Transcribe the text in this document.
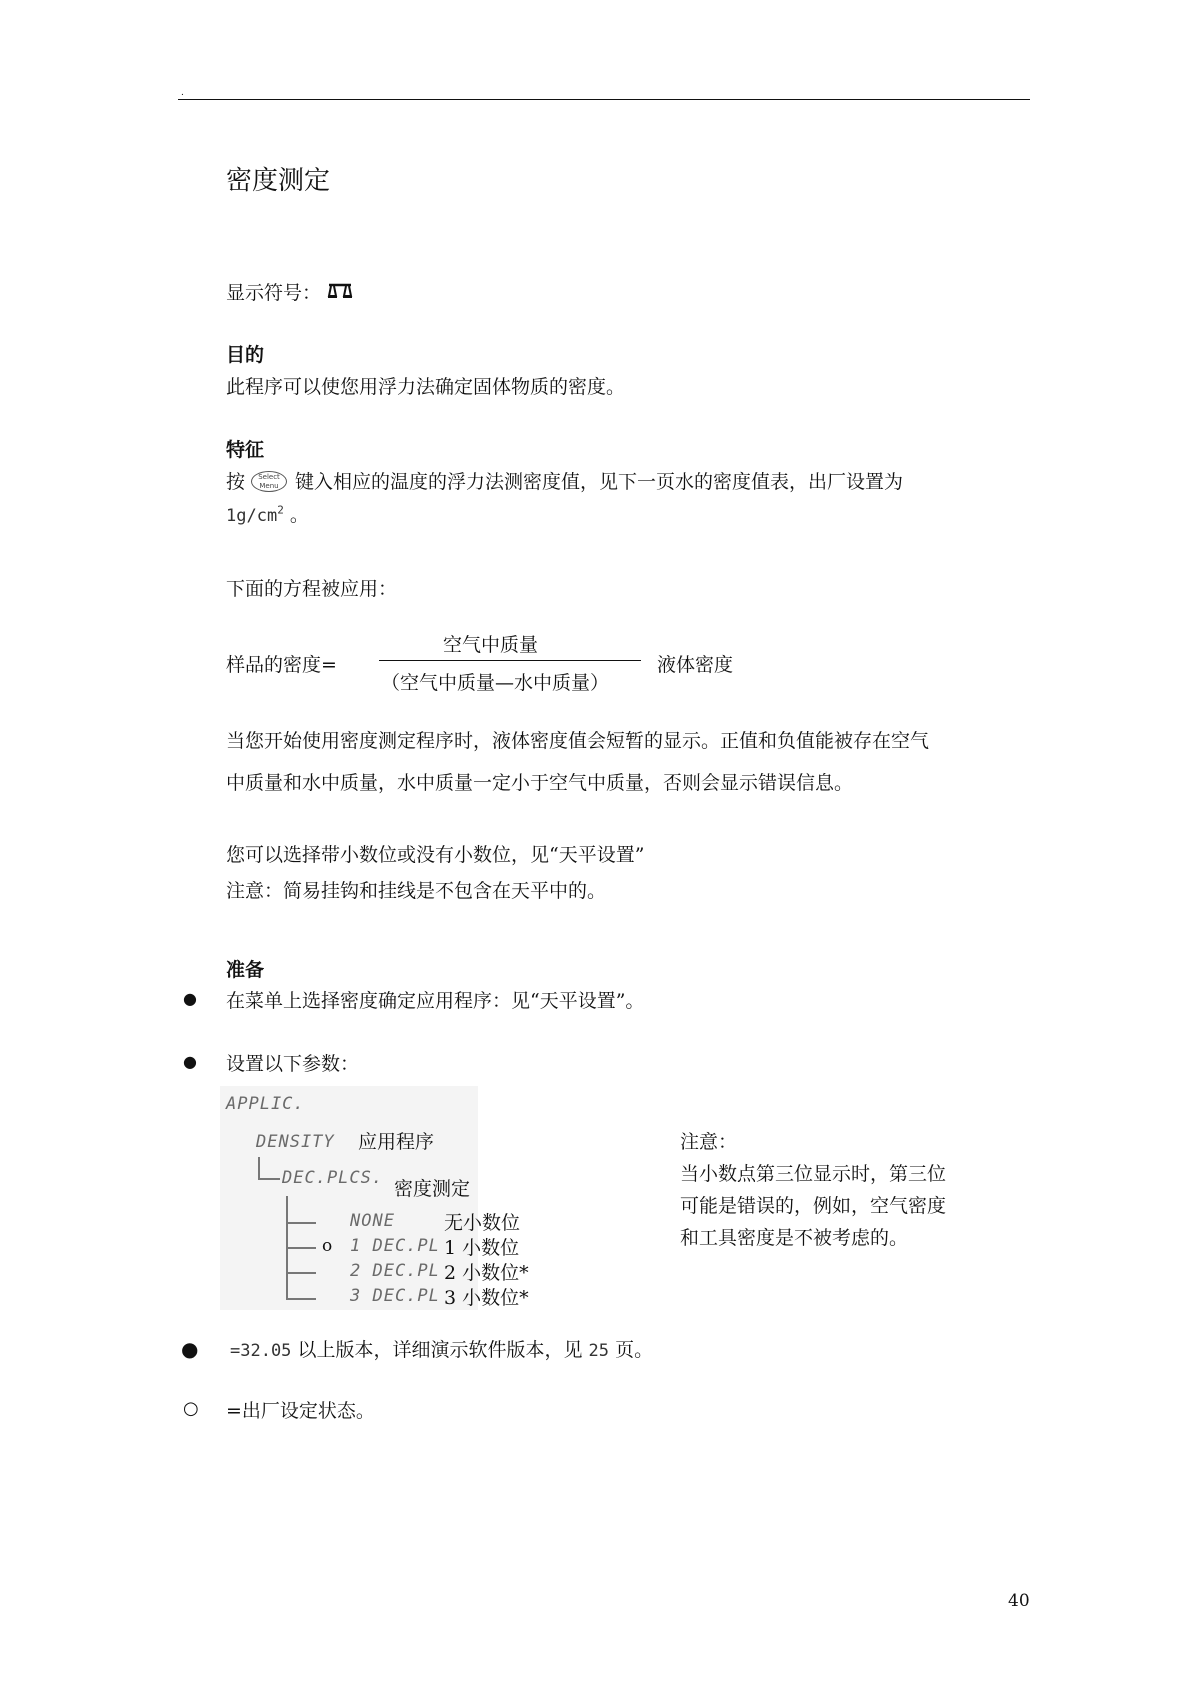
.
密度测定
显示符号：
目的
此程序可以使您用浮力法确定固体物质的密度。
特征
按	Select
Menu 键入相应的温度的浮力法测密度值，见下一页水的密度值表，出厂设置为
$1g/cm^2$ 。
下面的方程被应用：
样品的密度=
空气中质量
（空气中质量—水中质量）
液体密度
当您开始使用密度测定程序时，液体密度值会短暂的显示。正值和负值能被存在空气
中质量和水中质量，水中质量一定小于空气中质量，否则会显示错误信息。
您可以选择带小数位或没有小数位，见“天平设置”
注意：简易挂钩和挂线是不包含在天平中的。
准备
● 在菜单上选择密度确定应用程序：见“天平设置”。
● 设置以下参数：
APPLIC.
DENSITY 应用程序
DEC.PLCS. 密度测定
o
NONE	无小数位
1 DEC.PL 1 小数位
2 DEC.PL 2 小数位*
3 DEC.PL 3 小数位*
注意：
当小数点第三位显示时，第三位
可能是错误的，例如，空气密度
和工具密度是不被考虑的。
● =32.05 以上版本，详细演示软件版本，见 25 页。
○ =出厂设定状态。
40
